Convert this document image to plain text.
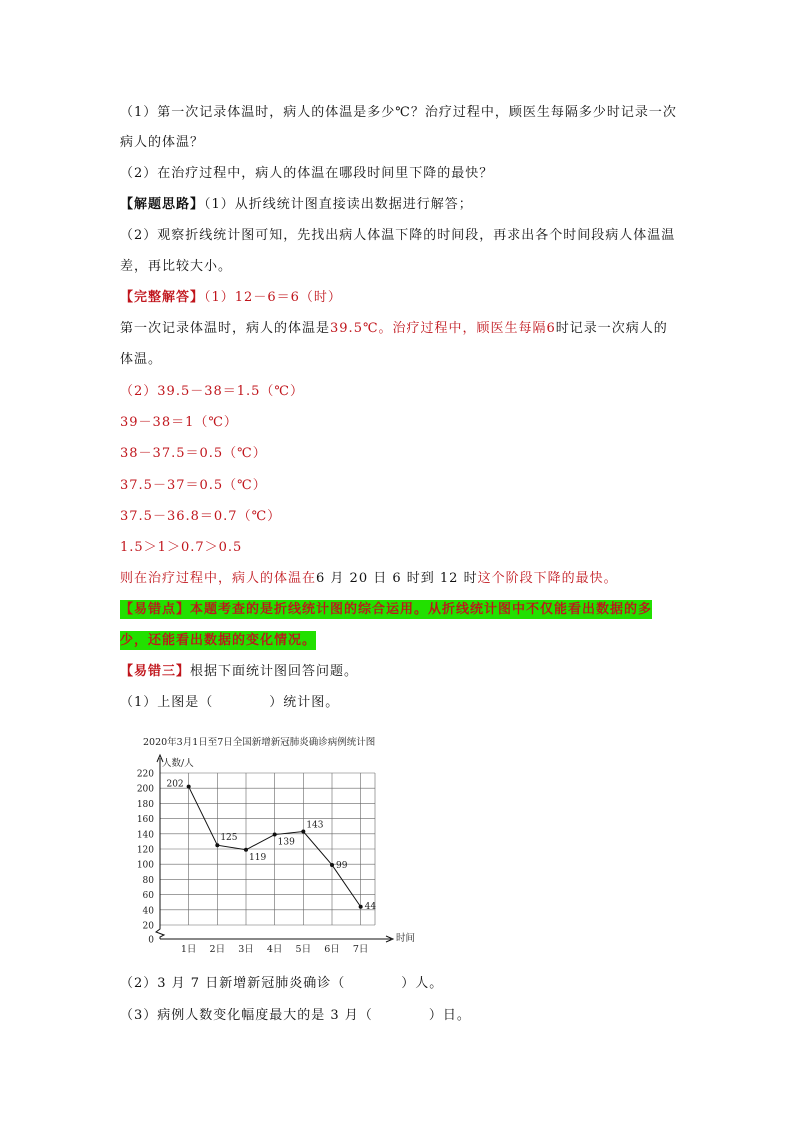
（1）第一次记录体温时，病人的体温是多少℃？治疗过程中，顾医生每隔多少时记录一次
病人的体温？
（2）在治疗过程中，病人的体温在哪段时间里下降的最快？
【解题思路】（1）从折线统计图直接读出数据进行解答；
（2）观察折线统计图可知，先找出病人体温下降的时间段，再求出各个时间段病人体温温
差，再比较大小。
【完整解答】（1）12－6＝6（时）
第一次记录体温时，病人的体温是39.5℃。治疗过程中，顾医生每隔6时记录一次病人的
体温。
（2）39.5－38＝1.5（℃）
39－38＝1（℃）
38－37.5＝0.5（℃）
37.5－37＝0.5（℃）
37.5－36.8＝0.7（℃）
1.5＞1＞0.7＞0.5
则在治疗过程中，病人的体温在6 月 20 日 6 时到 12 时这个阶段下降的最快。
【易错点】本题考查的是折线统计图的综合运用。从折线统计图中不仅能看出数据的多
少，还能看出数据的变化情况。
【易错三】根据下面统计图回答问题。
（1）上图是（	）统计图。
2020年3月1日至7日全国新增新冠肺炎确诊病例统计图
220
200
180
160
140
120
100
80
60
40
20
0
1日 2日 3日 4日 5日 6日 7日
202
125
119
139
143
99
44
人数/人
时间
（2）3 月 7 日新增新冠肺炎确诊（	）人。
（3）病例人数变化幅度最大的是 3 月（	）日。
